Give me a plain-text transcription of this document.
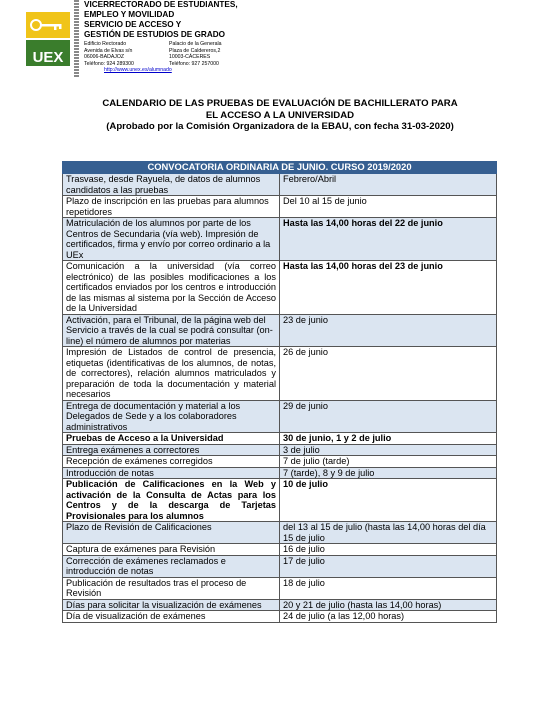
UEX
VICERRECTORADO DE ESTUDIANTES,
EMPLEO Y MOVILIDAD
SERVICIO DE ACCESO Y
GESTIÓN DE ESTUDIOS DE GRADO
Edificio Rectorado
Avenida de Elvas s/n
06006-BADAJOZ
Teléfono: 924 289300
Palacio de la Generala
Plaza de Caldereros,2
10003-CÁCERES
Teléfono: 927 257000
http://www.unex.es/alumnado
CALENDARIO DE LAS PRUEBAS DE EVALUACIÓN DE BACHILLERATO PARA
EL ACCESO A LA UNIVERSIDAD
(Aprobado por la Comisión Organizadora de la EBAU, con fecha 31-03-2020)
CONVOCATORIA ORDINARIA DE JUNIO. CURSO 2019/2020	
Trasvase, desde Rayuela, de datos de alumnos candidatos a las pruebas	Febrero/Abril
Plazo de inscripción en las pruebas para alumnos repetidores	Del 10 al 15 de junio
Matriculación de los alumnos por parte de los Centros de Secundaria (vía web). Impresión de certificados, firma y envío por correo ordinario a la UEx	Hasta las 14,00 horas del 22 de junio
Comunicación a la universidad (vía correo electrónico) de las posibles modificaciones a los certificados enviados por los centros e introducción de las mismas al sistema por la Sección de Acceso de la Universidad	Hasta las 14,00 horas del 23 de junio
Activación, para el Tribunal, de la página web del Servicio a través de la cual se podrá consultar (on-line) el número de alumnos por materias	23 de junio
Impresión de Listados de control de presencia, etiquetas (identificativas de los alumnos, de notas, de correctores), relación alumnos matriculados y preparación de toda la documentación y material necesarios	26 de junio
Entrega de documentación y material a los Delegados de Sede y a los colaboradores administrativos	29 de junio
Pruebas de Acceso a la Universidad	30 de junio, 1 y 2 de julio
Entrega exámenes a correctores	3 de julio
Recepción de exámenes corregidos	7 de julio (tarde)
Introducción de notas	7 (tarde), 8 y 9 de julio
Publicación de Calificaciones en la Web y activación de la Consulta de Actas para los Centros y de la descarga de Tarjetas Provisionales para los alumnos	10 de julio
Plazo de Revisión de Calificaciones	del 13 al 15 de julio (hasta las 14,00 horas del día 15 de julio
Captura de exámenes para Revisión	16 de julio
Corrección de exámenes reclamados e introducción de notas	17 de julio
Publicación de resultados tras el proceso de Revisión	18 de julio
Días para solicitar la visualización de exámenes	20 y 21 de julio (hasta las 14,00 horas)
Día de visualización de exámenes	24 de julio (a las 12,00 horas)
